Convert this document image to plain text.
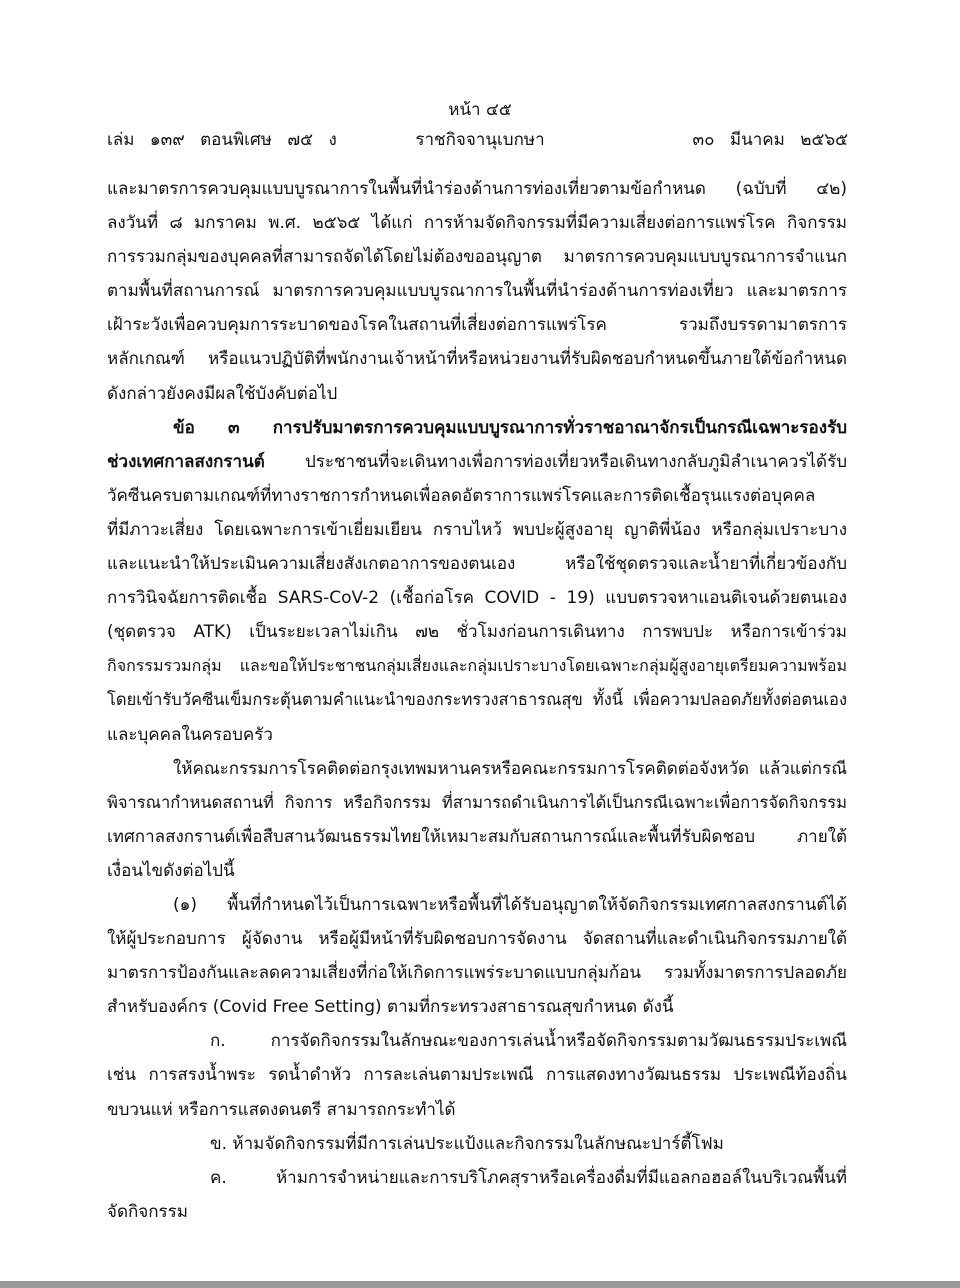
หน้า ๔๕
เล่ม ๑๓๙ ตอนพิเศษ ๗๕ ง	ราชกิจจานุเบกษา	๓๐ มีนาคม ๒๕๖๕
และมาตรการควบคุมแบบบูรณาการในพื้นที่นำร่องด้านการท่องเที่ยวตามข้อกำหนด (ฉบับที่ ๔๒)
ลงวันที่ ๘ มกราคม พ.ศ. ๒๕๖๕ ได้แก่ การห้ามจัดกิจกรรมที่มีความเสี่ยงต่อการแพร่โรค กิจกรรม
การรวมกลุ่มของบุคคลที่สามารถจัดได้โดยไม่ต้องขออนุญาต มาตรการควบคุมแบบบูรณาการจำแนก
ตามพื้นที่สถานการณ์ มาตรการควบคุมแบบบูรณาการในพื้นที่นำร่องด้านการท่องเที่ยว และมาตรการ
เฝ้าระวังเพื่อควบคุมการระบาดของโรคในสถานที่เสี่ยงต่อการแพร่โรค รวมถึงบรรดามาตรการ
หลักเกณฑ์ หรือแนวปฏิบัติที่พนักงานเจ้าหน้าที่หรือหน่วยงานที่รับผิดชอบกำหนดขึ้นภายใต้ข้อกำหนด
ดังกล่าวยังคงมีผลใช้บังคับต่อไป
ข้อ ๓ การปรับมาตรการควบคุมแบบบูรณาการทั่วราชอาณาจักรเป็นกรณีเฉพาะรองรับ
ช่วงเทศกาลสงกรานต์ ประชาชนที่จะเดินทางเพื่อการท่องเที่ยวหรือเดินทางกลับภูมิลำเนาควรได้รับ
วัคซีนครบตามเกณฑ์ที่ทางราชการกำหนดเพื่อลดอัตราการแพร่โรคและการติดเชื้อรุนแรงต่อบุคคล
ที่มีภาวะเสี่ยง โดยเฉพาะการเข้าเยี่ยมเยียน กราบไหว้ พบปะผู้สูงอายุ ญาติพี่น้อง หรือกลุ่มเปราะบาง
และแนะนำให้ประเมินความเสี่ยงสังเกตอาการของตนเอง หรือใช้ชุดตรวจและน้ำยาที่เกี่ยวข้องกับ
การวินิจฉัยการติดเชื้อ SARS-CoV-2 (เชื้อก่อโรค COVID - 19) แบบตรวจหาแอนติเจนด้วยตนเอง
(ชุดตรวจ ATK) เป็นระยะเวลาไม่เกิน ๗๒ ชั่วโมงก่อนการเดินทาง การพบปะ หรือการเข้าร่วม
กิจกรรมรวมกลุ่ม และขอให้ประชาชนกลุ่มเสี่ยงและกลุ่มเปราะบางโดยเฉพาะกลุ่มผู้สูงอายุเตรียมความพร้อม
โดยเข้ารับวัคซีนเข็มกระตุ้นตามคำแนะนำของกระทรวงสาธารณสุข ทั้งนี้ เพื่อความปลอดภัยทั้งต่อตนเอง
และบุคคลในครอบครัว
ให้คณะกรรมการโรคติดต่อกรุงเทพมหานครหรือคณะกรรมการโรคติดต่อจังหวัด แล้วแต่กรณี
พิจารณากำหนดสถานที่ กิจการ หรือกิจกรรม ที่สามารถดำเนินการได้เป็นกรณีเฉพาะเพื่อการจัดกิจกรรม
เทศกาลสงกรานต์เพื่อสืบสานวัฒนธรรมไทยให้เหมาะสมกับสถานการณ์และพื้นที่รับผิดชอบ ภายใต้
เงื่อนไขดังต่อไปนี้
(๑) พื้นที่กำหนดไว้เป็นการเฉพาะหรือพื้นที่ได้รับอนุญาตให้จัดกิจกรรมเทศกาลสงกรานต์ได้
ให้ผู้ประกอบการ ผู้จัดงาน หรือผู้มีหน้าที่รับผิดชอบการจัดงาน จัดสถานที่และดำเนินกิจกรรมภายใต้
มาตรการป้องกันและลดความเสี่ยงที่ก่อให้เกิดการแพร่ระบาดแบบกลุ่มก้อน รวมทั้งมาตรการปลอดภัย
สำหรับองค์กร (Covid Free Setting) ตามที่กระทรวงสาธารณสุขกำหนด ดังนี้
ก. การจัดกิจกรรมในลักษณะของการเล่นน้ำหรือจัดกิจกรรมตามวัฒนธรรมประเพณี
เช่น การสรงน้ำพระ รดน้ำดำหัว การละเล่นตามประเพณี การแสดงทางวัฒนธรรม ประเพณีท้องถิ่น
ขบวนแห่ หรือการแสดงดนตรี สามารถกระทำได้
ข. ห้ามจัดกิจกรรมที่มีการเล่นประแป้งและกิจกรรมในลักษณะปาร์ตี้โฟม
ค. ห้ามการจำหน่ายและการบริโภคสุราหรือเครื่องดื่มที่มีแอลกอฮอล์ในบริเวณพื้นที่
จัดกิจกรรม
